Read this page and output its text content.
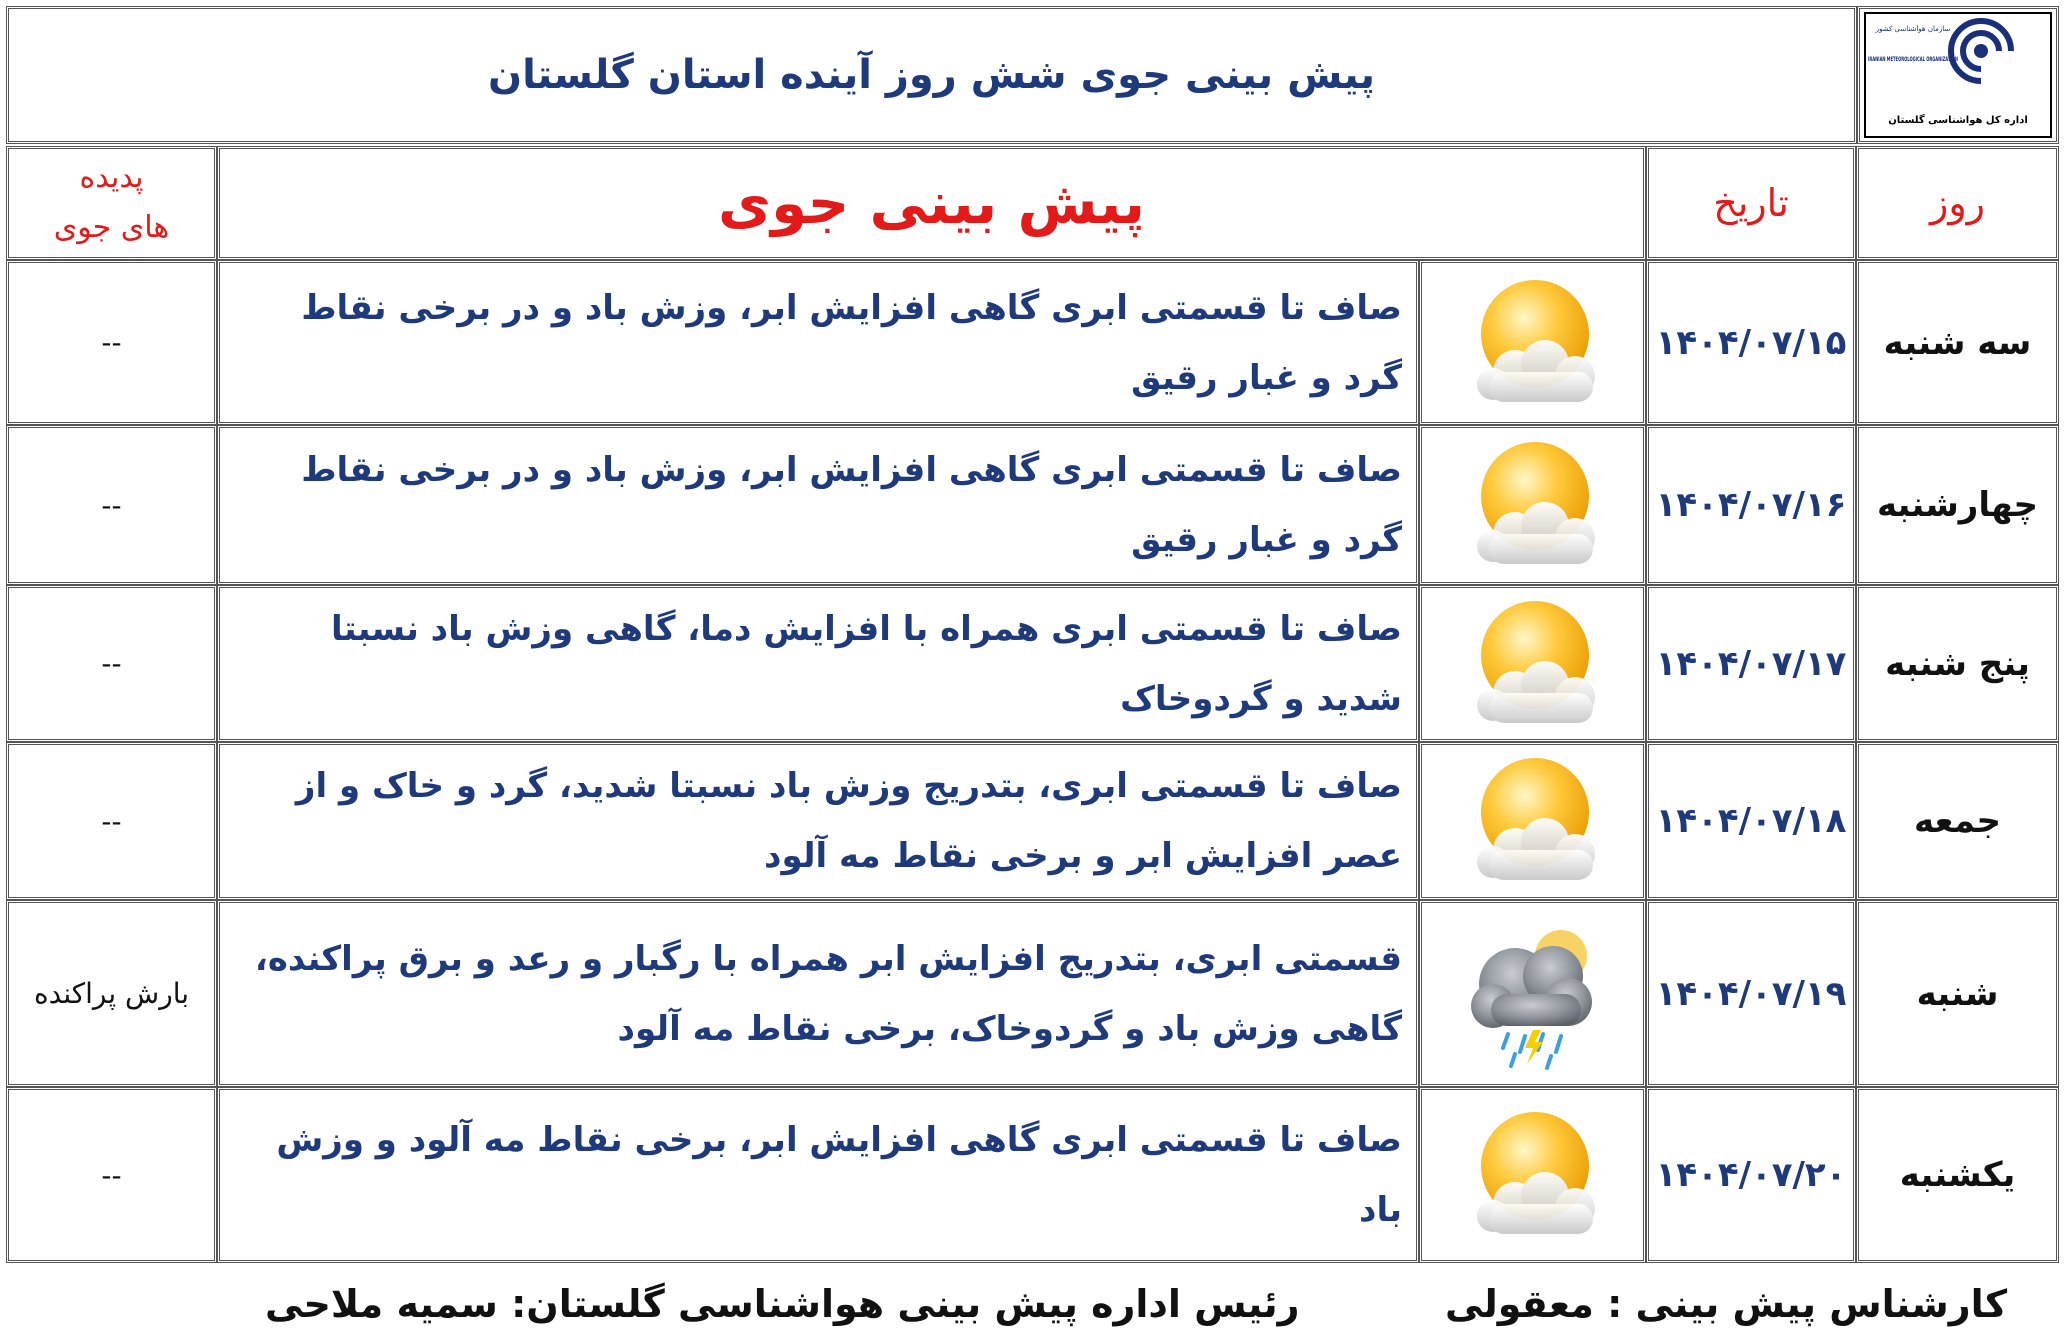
پیش بینی جوی شش روز آینده استان گلستان
سازمان هواشناسی کشور
IRANIAN METEOROLOGICAL ORGANIZATION
اداره کل هواشناسی گلستان
روز
تاریخ
پیش بینی جوی
پدیده های جوی
سه شنبه
۱۴۰۴/۰۷/۱۵
صاف تا قسمتی ابری گاهی افزایش ابر، وزش باد و در برخی نقاط گرد و غبار رقیق
--
چهارشنبه
۱۴۰۴/۰۷/۱۶
صاف تا قسمتی ابری گاهی افزایش ابر، وزش باد و در برخی نقاط گرد و غبار رقیق
--
پنج شنبه
۱۴۰۴/۰۷/۱۷
صاف تا قسمتی ابری همراه با افزایش دما، گاهی وزش باد نسبتا شدید و گردوخاک
--
جمعه
۱۴۰۴/۰۷/۱۸
صاف تا قسمتی ابری، بتدریج وزش باد نسبتا شدید، گرد و خاک و از عصر افزایش ابر و برخی نقاط مه آلود
--
شنبه
۱۴۰۴/۰۷/۱۹
قسمتی ابری، بتدریج افزایش ابر همراه با رگبار و رعد و برق پراکنده، گاهی وزش باد و گردوخاک، برخی نقاط مه آلود
بارش پراکنده
یکشنبه
۱۴۰۴/۰۷/۲۰
صاف تا قسمتی ابری گاهی افزایش ابر، برخی نقاط مه آلود و وزش باد
--
کارشناس پیش بینی : معقولی
رئیس اداره پیش بینی هواشناسی گلستان: سمیه ملاحی
